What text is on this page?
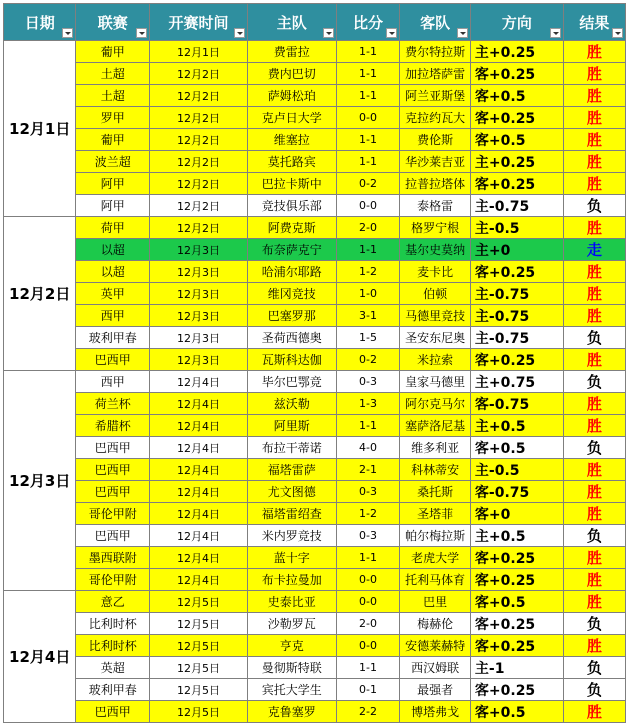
日期	联赛	开赛时间	主队	比分	客队	方向	结果

12月1日	葡甲	12月1日	费雷拉	1-1	费尔特拉斯	主+0.25	胜
	土超	12月2日	费内巴切	1-1	加拉塔萨雷	客+0.25	胜
	土超	12月2日	萨姆松珀	1-1	阿兰亚斯堡	客+0.5	胜
	罗甲	12月2日	克卢日大学	0-0	克拉约瓦大	客+0.25	胜
	葡甲	12月2日	维塞拉	1-1	费伦斯	客+0.5	胜
	波兰超	12月2日	莫托路宾	1-1	华沙莱吉亚	主+0.25	胜
	阿甲	12月2日	巴拉卡斯中	0-2	拉普拉塔体	客+0.25	胜
	阿甲	12月2日	竞技俱乐部	0-0	泰格雷	主-0.75	负
12月2日	荷甲	12月2日	阿费克斯	2-0	格罗宁根	主-0.5	胜
	以超	12月3日	布奈萨克宁	1-1	基尔史莫纳	主+0	走
	以超	12月3日	哈浦尔耶路	1-2	麦卡比	客+0.25	胜
	英甲	12月3日	维冈竞技	1-0	伯顿	主-0.75	胜
	西甲	12月3日	巴塞罗那	3-1	马德里竞技	主-0.75	胜
	玻利甲春	12月3日	圣荷西德奥	1-5	圣安东尼奥	主-0.75	负
	巴西甲	12月3日	瓦斯科达伽	0-2	米拉索	客+0.25	胜
12月3日	西甲	12月4日	毕尔巴鄂竞	0-3	皇家马德里	主+0.75	负
	荷兰杯	12月4日	兹沃勒	1-3	阿尔克马尔	客-0.75	胜
	希腊杯	12月4日	阿里斯	1-1	塞萨洛尼基	主+0.5	胜
	巴西甲	12月4日	布拉干蒂诺	4-0	维多利亚	客+0.5	负
	巴西甲	12月4日	福塔雷萨	2-1	科林蒂安	主-0.5	胜
	巴西甲	12月4日	尤文图德	0-3	桑托斯	客-0.75	胜
	哥伦甲附	12月4日	福塔雷绍查	1-2	圣塔菲	客+0	胜
	巴西甲	12月4日	米内罗竞技	0-3	帕尔梅拉斯	主+0.5	负
	墨西联附	12月4日	蓝十字	1-1	老虎大学	客+0.25	胜
	哥伦甲附	12月4日	布卡拉曼加	0-0	托利马体育	客+0.25	胜
12月4日	意乙	12月5日	史泰比亚	0-0	巴里	客+0.5	胜
	比利时杯	12月5日	沙勒罗瓦	2-0	梅赫伦	客+0.25	负
	比利时杯	12月5日	亨克	0-0	安德莱赫特	客+0.25	胜
	英超	12月5日	曼彻斯特联	1-1	西汉姆联	主-1	负
	玻利甲春	12月5日	宾托大学生	0-1	最强者	客+0.25	负
	巴西甲	12月5日	克鲁塞罗	2-2	博塔弗戈	客+0.5	胜
